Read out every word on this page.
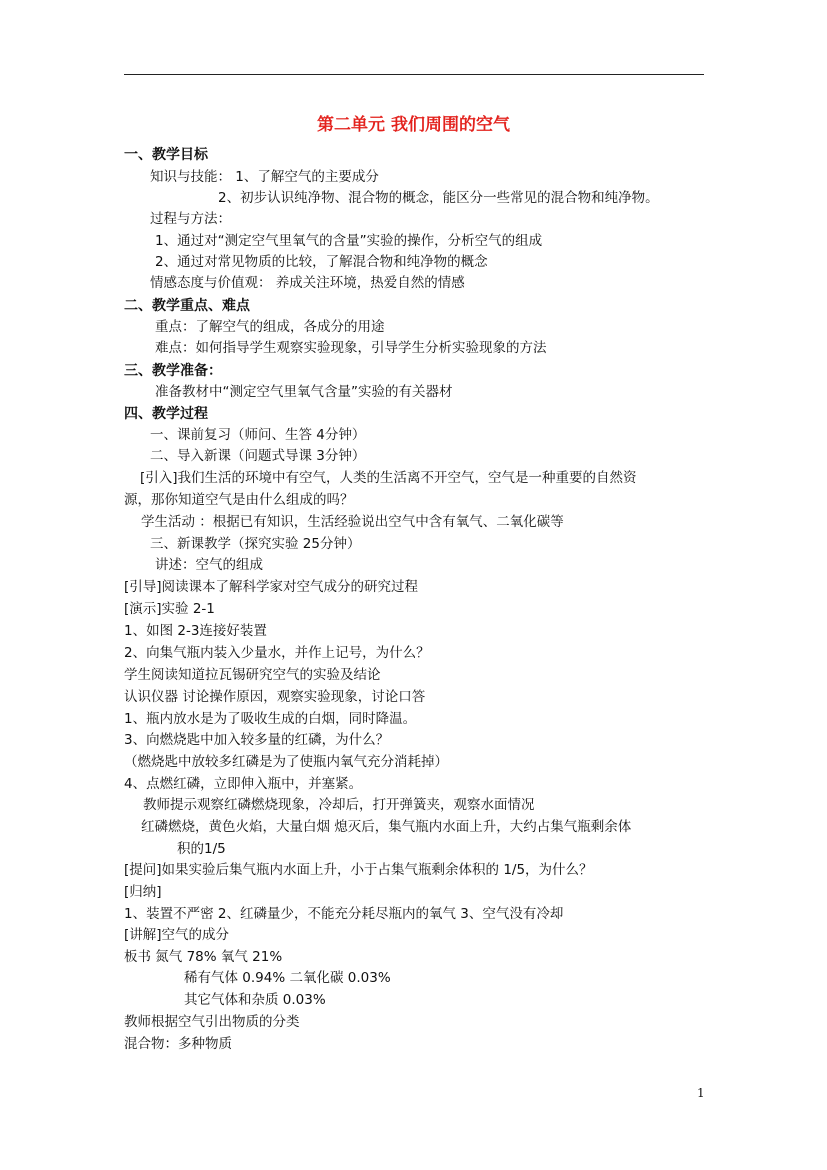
第二单元 我们周围的空气
一、教学目标
知识与技能： 1、了解空气的主要成分
2、初步认识纯净物、混合物的概念，能区分一些常见的混合物和纯净物。
过程与方法：
1、通过对“测定空气里氧气的含量”实验的操作，分析空气的组成
2、通过对常见物质的比较，了解混合物和纯净物的概念
情感态度与价值观： 养成关注环境，热爱自然的情感
二、教学重点、难点
重点：了解空气的组成，各成分的用途
难点：如何指导学生观察实验现象，引导学生分析实验现象的方法
三、教学准备：
准备教材中“测定空气里氧气含量”实验的有关器材
四、教学过程
一、课前复习（师问、生答 4分钟）
二、导入新课（问题式导课 3分钟）
[引入]我们生活的环境中有空气，人类的生活离不开空气，空气是一种重要的自然资
源，那你知道空气是由什么组成的吗？
学生活动 ：根据已有知识，生活经验说出空气中含有氧气、二氧化碳等
三、新课教学（探究实验 25分钟）
讲述：空气的组成
[引导]阅读课本了解科学家对空气成分的研究过程
[演示]实验 2-1
1、如图 2-3连接好装置
2、向集气瓶内装入少量水，并作上记号，为什么？
学生阅读知道拉瓦锡研究空气的实验及结论
认识仪器 讨论操作原因，观察实验现象，讨论口答
1、瓶内放水是为了吸收生成的白烟，同时降温。
3、向燃烧匙中加入较多量的红磷，为什么？
（燃烧匙中放较多红磷是为了使瓶内氧气充分消耗掉）
4、点燃红磷，立即伸入瓶中，并塞紧。
教师提示观察红磷燃烧现象，冷却后，打开弹簧夹，观察水面情况
红磷燃烧，黄色火焰，大量白烟 熄灭后，集气瓶内水面上升，大约占集气瓶剩余体
积的1/5
[提问]如果实验后集气瓶内水面上升，小于占集气瓶剩余体积的 1/5，为什么？
[归纳]
1、装置不严密 2、红磷量少，不能充分耗尽瓶内的氧气 3、空气没有冷却
[讲解]空气的成分
板书 氮气 78% 氧气 21%
稀有气体 0.94% 二氧化碳 0.03%
其它气体和杂质 0.03%
教师根据空气引出物质的分类
混合物：多种物质
1
